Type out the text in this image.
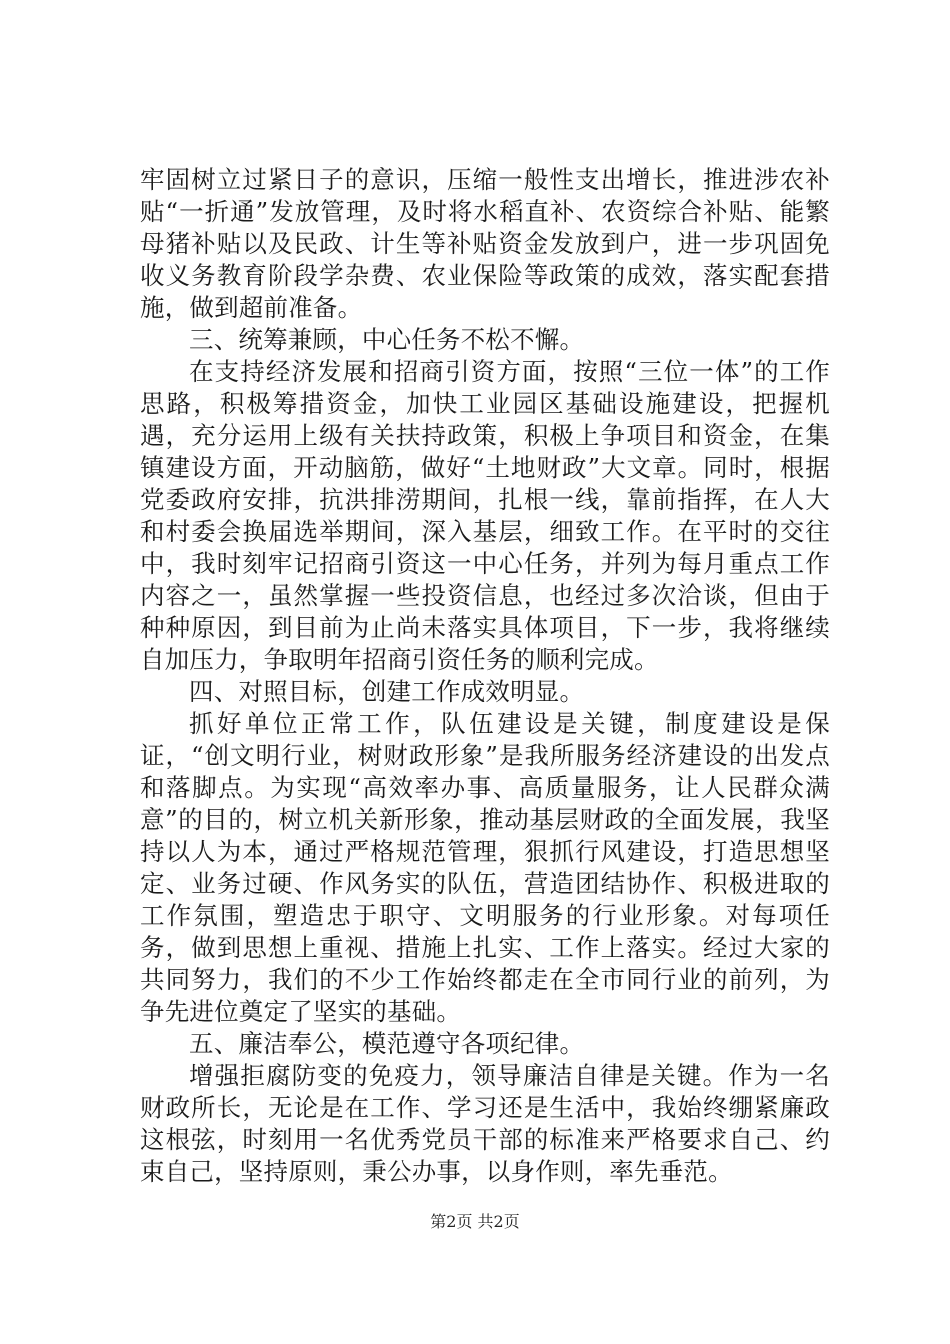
牢固树立过紧日子的意识，压缩一般性支出增长，推进涉农补贴“一折通”发放管理，及时将水稻直补、农资综合补贴、能繁母猪补贴以及民政、计生等补贴资金发放到户，进一步巩固免收义务教育阶段学杂费、农业保险等政策的成效，落实配套措施，做到超前准备。

三、统筹兼顾，中心任务不松不懈。

在支持经济发展和招商引资方面，按照“三位一体”的工作思路，积极筹措资金，加快工业园区基础设施建设，把握机遇，充分运用上级有关扶持政策，积极上争项目和资金，在集镇建设方面，开动脑筋，做好“土地财政”大文章。同时，根据党委政府安排，抗洪排涝期间，扎根一线，靠前指挥，在人大和村委会换届选举期间，深入基层，细致工作。在平时的交往中，我时刻牢记招商引资这一中心任务，并列为每月重点工作内容之一，虽然掌握一些投资信息，也经过多次洽谈，但由于种种原因，到目前为止尚未落实具体项目，下一步，我将继续自加压力，争取明年招商引资任务的顺利完成。

四、对照目标，创建工作成效明显。

抓好单位正常工作，队伍建设是关键，制度建设是保证，“创文明行业，树财政形象”是我所服务经济建设的出发点和落脚点。为实现“高效率办事、高质量服务，让人民群众满意”的目的，树立机关新形象，推动基层财政的全面发展，我坚持以人为本，通过严格规范管理，狠抓行风建设，打造思想坚定、业务过硬、作风务实的队伍，营造团结协作、积极进取的工作氛围，塑造忠于职守、文明服务的行业形象。对每项任务，做到思想上重视、措施上扎实、工作上落实。经过大家的共同努力，我们的不少工作始终都走在全市同行业的前列，为争先进位奠定了坚实的基础。

五、廉洁奉公，模范遵守各项纪律。

增强拒腐防变的免疫力，领导廉洁自律是关键。作为一名财政所长，无论是在工作、学习还是生活中，我始终绷紧廉政这根弦，时刻用一名优秀党员干部的标准来严格要求自己、约束自己，坚持原则，秉公办事，以身作则，率先垂范。

第2页 共2页
